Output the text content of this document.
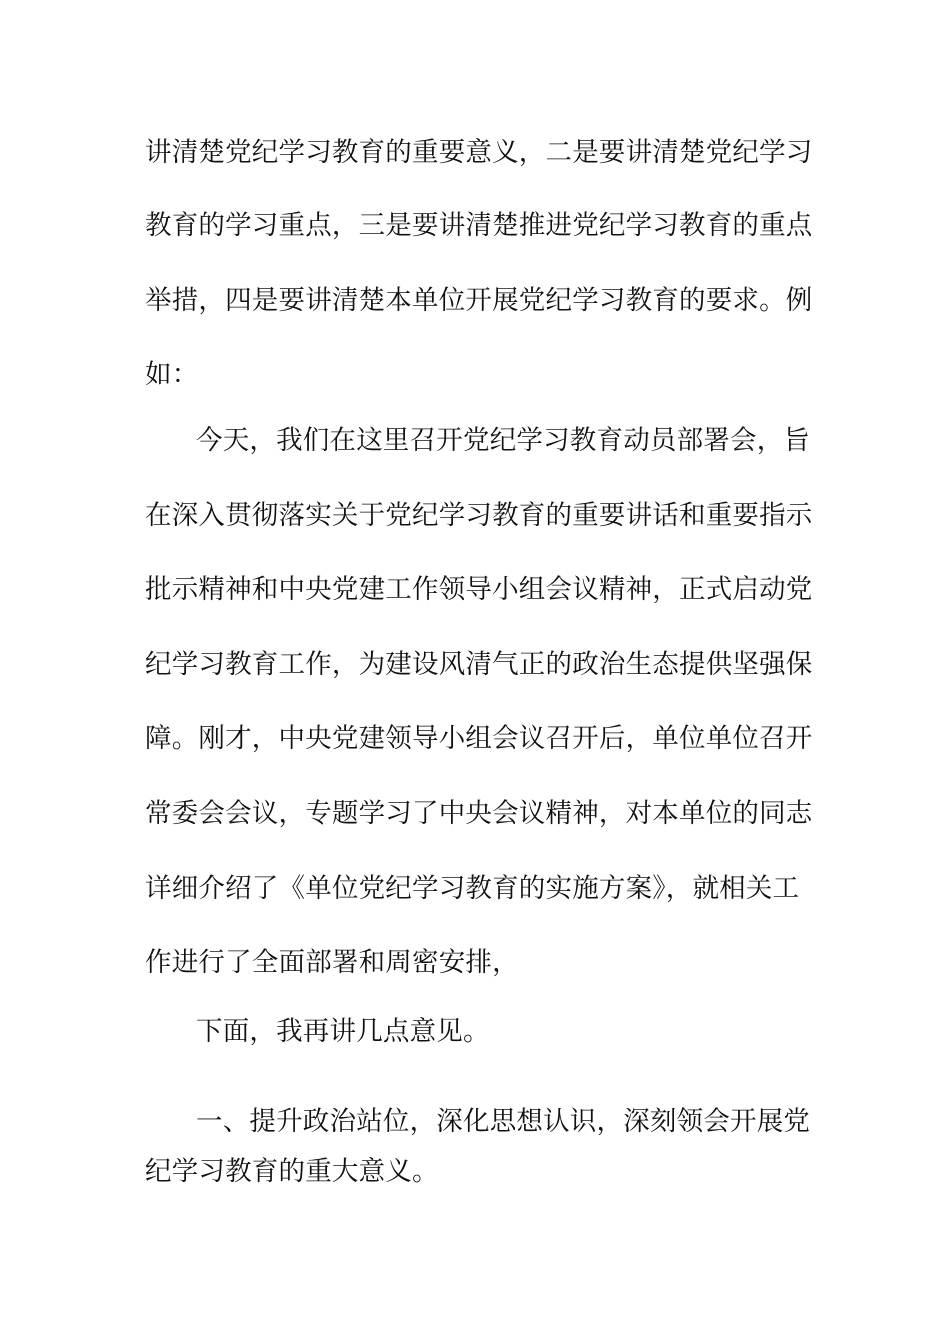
讲清楚党纪学习教育的重要意义，二是要讲清楚党纪学习
教育的学习重点，三是要讲清楚推进党纪学习教育的重点
举措，四是要讲清楚本单位开展党纪学习教育的要求。例
如：
今天，我们在这里召开党纪学习教育动员部署会，旨
在深入贯彻落实关于党纪学习教育的重要讲话和重要指示
批示精神和中央党建工作领导小组会议精神，正式启动党
纪学习教育工作，为建设风清气正的政治生态提供坚强保
障。刚才，中央党建领导小组会议召开后，单位单位召开
常委会会议，专题学习了中央会议精神，对本单位的同志
详细介绍了《单位党纪学习教育的实施方案》，就相关工
作进行了全面部署和周密安排，
下面，我再讲几点意见。
一、提升政治站位，深化思想认识，深刻领会开展党
纪学习教育的重大意义。
